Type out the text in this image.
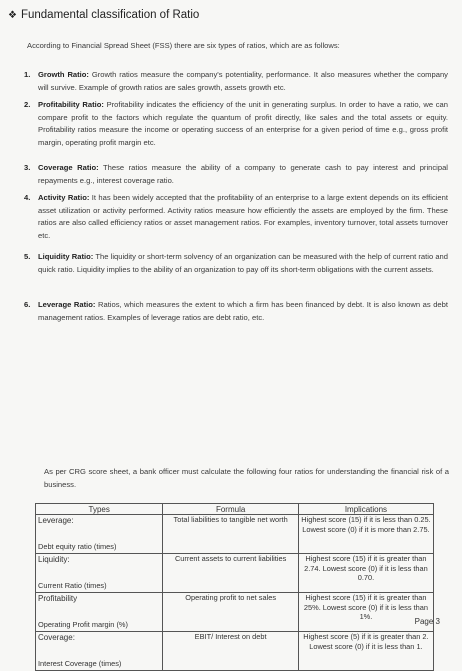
❖ Fundamental classification of Ratio
According to Financial Spread Sheet (FSS) there are six types of ratios, which are as follows:
1. Growth Ratio: Growth ratios measure the company's potentiality, performance. It also measures whether the company will survive. Example of growth ratios are sales growth, assets growth etc.
2. Profitability Ratio: Profitability indicates the efficiency of the unit in generating surplus. In order to have a ratio, we can compare profit to the factors which regulate the quantum of profit directly, like sales and the total assets or equity. Profitability ratios measure the income or operating success of an enterprise for a given period of time e.g., gross profit margin, operating profit margin etc.
3. Coverage Ratio: These ratios measure the ability of a company to generate cash to pay interest and principal repayments e.g., interest coverage ratio.
4. Activity Ratio: It has been widely accepted that the profitability of an enterprise to a large extent depends on its efficient asset utilization or activity performed. Activity ratios measure how efficiently the assets are employed by the firm. These ratios are also called efficiency ratios or asset management ratios. For examples, inventory turnover, total assets turnover etc.
5. Liquidity Ratio: The liquidity or short-term solvency of an organization can be measured with the help of current ratio and quick ratio. Liquidity implies to the ability of an organization to pay off its short-term obligations with the current assets.
6. Leverage Ratio: Ratios, which measures the extent to which a firm has been financed by debt. It is also known as debt management ratios. Examples of leverage ratios are debt ratio, etc.
As per CRG score sheet, a bank officer must calculate the following four ratios for understanding the financial risk of a business.
Types	Formula	Implications

Leverage:
Debt equity ratio (times)	Total liabilities to tangible net worth	Highest score (15) if it is less than 0.25. Lowest score (0) if it is more than 2.75.

Liquidity:
Current Ratio (times)	Current assets to current liabilities	Highest score (15) if it is greater than 2.74. Lowest score (0) if it is less than 0.70.

Profitability
Operating Profit margin (%)	Operating profit to net sales	Highest score (15) if it is greater than 25%. Lowest score (0) if it is less than 1%.

Coverage:
Interest Coverage (times)	EBIT/ Interest on debt	Highest score (5) if it is greater than 2. Lowest score (0) if it is less than 1.
Page 3
